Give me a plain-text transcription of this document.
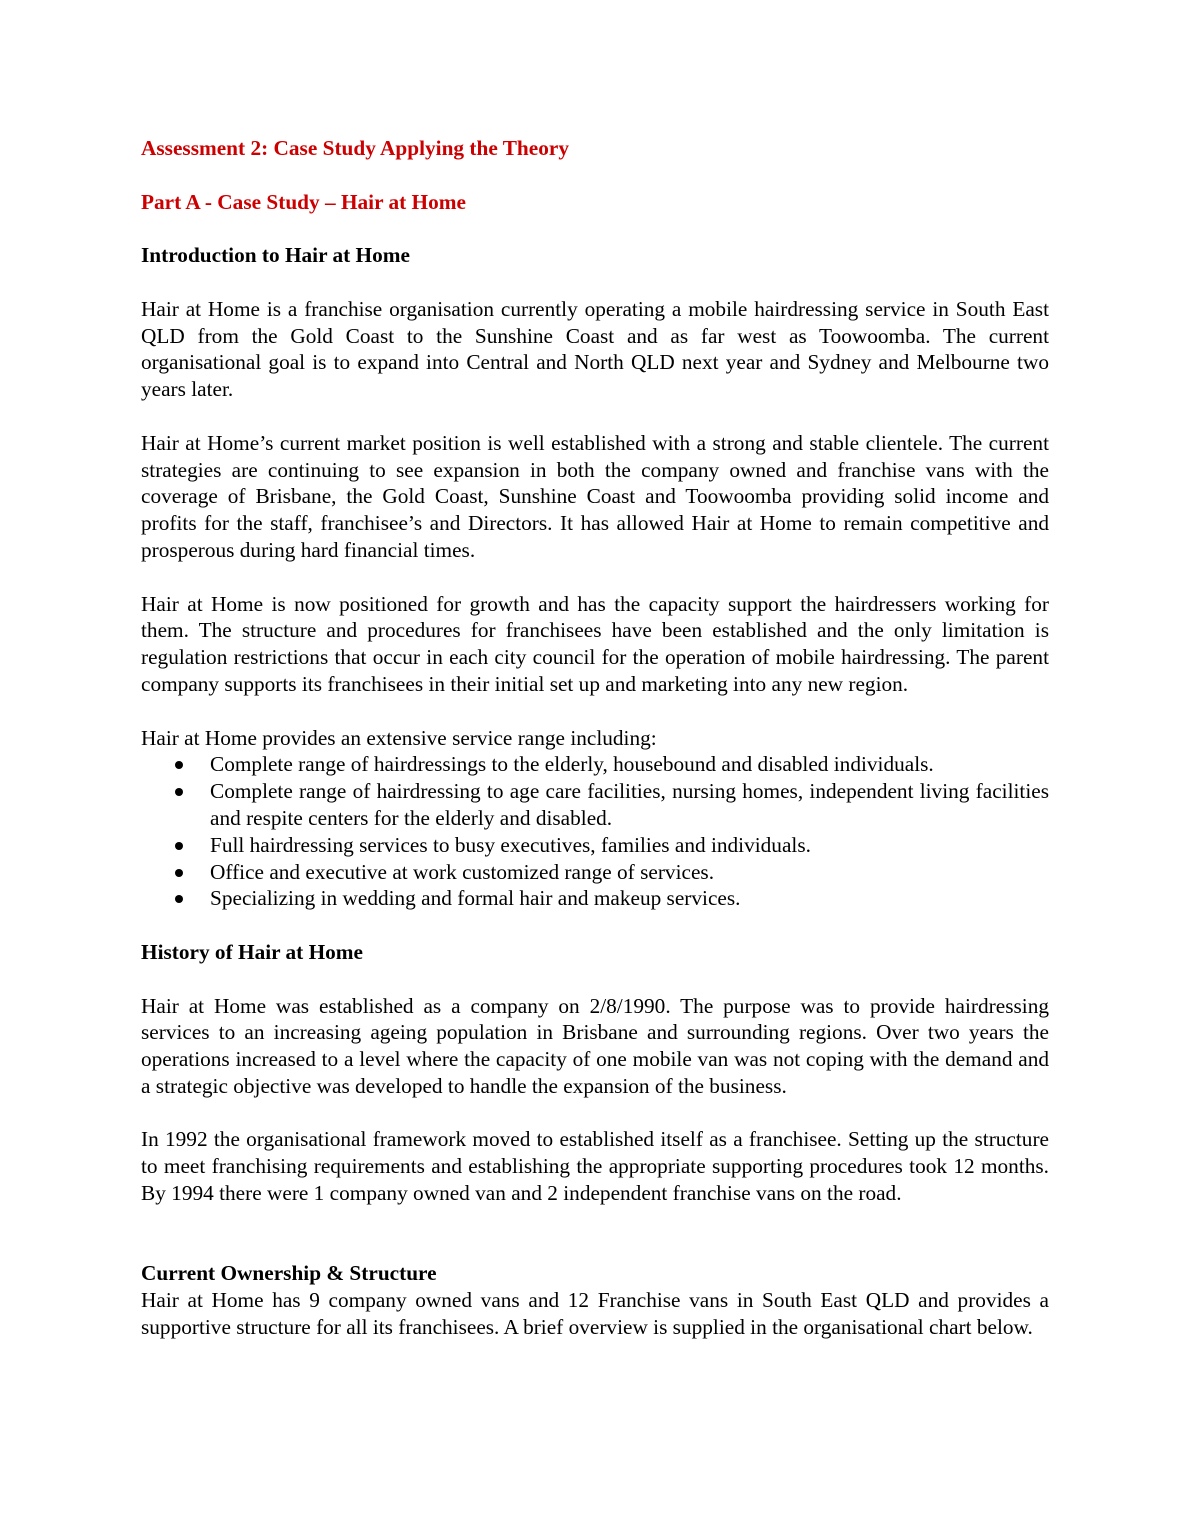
Assessment 2: Case Study Applying the Theory
Part A - Case Study – Hair at Home
Introduction to Hair at Home

Hair at Home is a franchise organisation currently operating a mobile hairdressing service in South East QLD from the Gold Coast to the Sunshine Coast and as far west as Toowoomba. The current organisational goal is to expand into Central and North QLD next year and Sydney and Melbourne two years later.

Hair at Home’s current market position is well established with a strong and stable clientele. The current strategies are continuing to see expansion in both the company owned and franchise vans with the coverage of Brisbane, the Gold Coast, Sunshine Coast and Toowoomba providing solid income and profits for the staff, franchisee’s and Directors. It has allowed Hair at Home to remain competitive and prosperous during hard financial times.

Hair at Home is now positioned for growth and has the capacity support the hairdressers working for them. The structure and procedures for franchisees have been established and the only limitation is regulation restrictions that occur in each city council for the operation of mobile hairdressing. The parent company supports its franchisees in their initial set up and marketing into any new region.

Hair at Home provides an extensive service range including:

Complete range of hairdressings to the elderly, housebound and disabled individuals.
Complete range of hairdressing to age care facilities, nursing homes, independent living facilities and respite centers for the elderly and disabled.
Full hairdressing services to busy executives, families and individuals.
Office and executive at work customized range of services.
Specializing in wedding and formal hair and makeup services.
History of Hair at Home

Hair at Home was established as a company on 2/8/1990. The purpose was to provide hairdressing services to an increasing ageing population in Brisbane and surrounding regions. Over two years the operations increased to a level where the capacity of one mobile van was not coping with the demand and a strategic objective was developed to handle the expansion of the business.

In 1992 the organisational framework moved to established itself as a franchisee. Setting up the structure to meet franchising requirements and establishing the appropriate supporting procedures took 12 months. By 1994 there were 1 company owned van and 2 independent franchise vans on the road.

Current Ownership & Structure

Hair at Home has 9 company owned vans and 12 Franchise vans in South East QLD and provides a supportive structure for all its franchisees. A brief overview is supplied in the organisational chart below.
